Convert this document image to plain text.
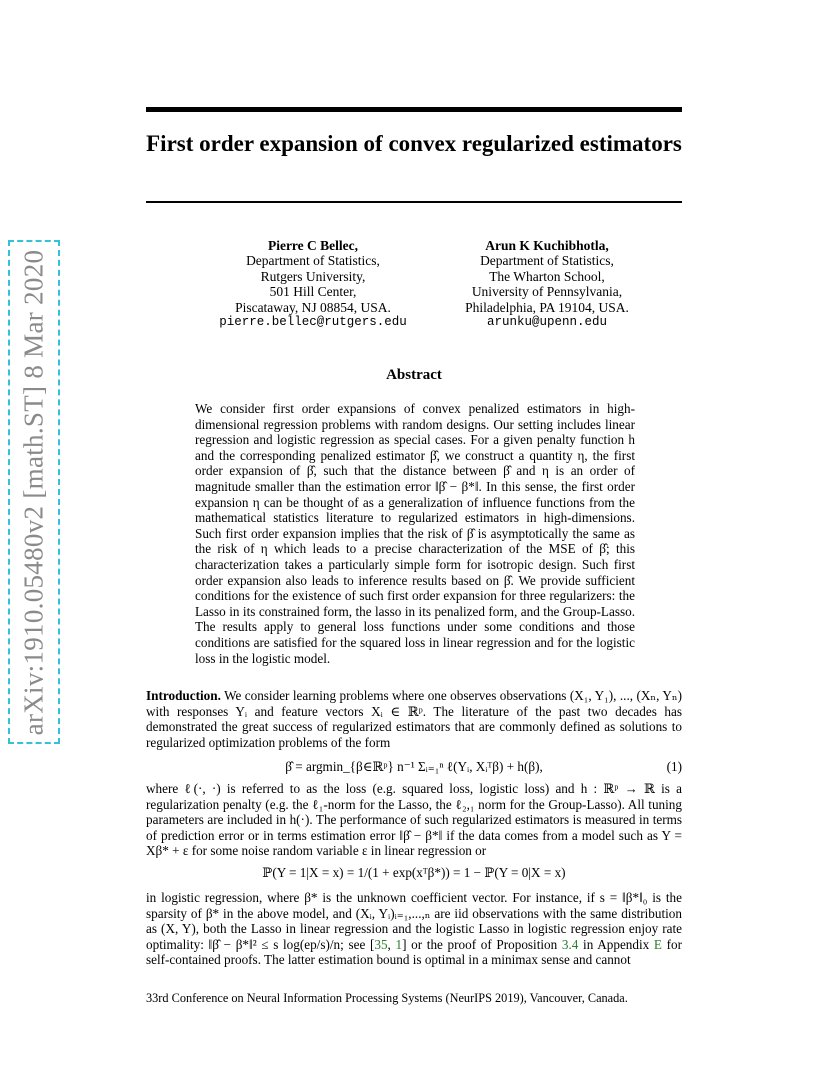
arXiv:1910.05480v2 [math.ST] 8 Mar 2020
First order expansion of convex regularized estimators
Pierre C Bellec,
Department of Statistics,
Rutgers University,
501 Hill Center,
Piscataway, NJ 08854, USA.
pierre.bellec@rutgers.edu
Arun K Kuchibhotla,
Department of Statistics,
The Wharton School,
University of Pennsylvania,
Philadelphia, PA 19104, USA.
arunku@upenn.edu
Abstract

We consider first order expansions of convex penalized estimators in high-dimensional regression problems with random designs. Our setting includes linear regression and logistic regression as special cases. For a given penalty function h and the corresponding penalized estimator β̂, we construct a quantity η, the first order expansion of β̂, such that the distance between β̂ and η is an order of magnitude smaller than the estimation error ‖β̂ − β*‖. In this sense, the first order expansion η can be thought of as a generalization of influence functions from the mathematical statistics literature to regularized estimators in high-dimensions. Such first order expansion implies that the risk of β̂ is asymptotically the same as the risk of η which leads to a precise characterization of the MSE of β̂; this characterization takes a particularly simple form for isotropic design. Such first order expansion also leads to inference results based on β̂. We provide sufficient conditions for the existence of such first order expansion for three regularizers: the Lasso in its constrained form, the lasso in its penalized form, and the Group-Lasso. The results apply to general loss functions under some conditions and those conditions are satisfied for the squared loss in linear regression and for the logistic loss in the logistic model.

Introduction. We consider learning problems where one observes observations (X₁, Y₁), ..., (Xₙ, Yₙ) with responses Yᵢ and feature vectors Xᵢ ∈ ℝᵖ. The literature of the past two decades has demonstrated the great success of regularized estimators that are commonly defined as solutions to regularized optimization problems of the form

β̂ = argmin_{β∈ℝᵖ} n⁻¹ Σᵢ₌₁ⁿ ℓ(Yᵢ, Xᵢᵀβ) + h(β),	(1)

where ℓ(·, ·) is referred to as the loss (e.g. squared loss, logistic loss) and h : ℝᵖ → ℝ is a regularization penalty (e.g. the ℓ₁-norm for the Lasso, the ℓ₂,₁ norm for the Group-Lasso). All tuning parameters are included in h(·). The performance of such regularized estimators is measured in terms of prediction error or in terms estimation error ‖β̂ − β*‖ if the data comes from a model such as Y = Xβ* + ε for some noise random variable ε in linear regression or

ℙ(Y = 1|X = x) = 1/(1 + exp(xᵀβ*)) = 1 − ℙ(Y = 0|X = x)

in logistic regression, where β* is the unknown coefficient vector. For instance, if s = ‖β*‖₀ is the sparsity of β* in the above model, and (Xᵢ, Yᵢ)ᵢ₌₁,...,ₙ are iid observations with the same distribution as (X, Y), both the Lasso in linear regression and the logistic Lasso in logistic regression enjoy rate optimality: ‖β̂ − β*‖² ≤ s log(ep/s)/n; see [35, 1] or the proof of Proposition 3.4 in Appendix E for self-contained proofs. The latter estimation bound is optimal in a minimax sense and cannot

33rd Conference on Neural Information Processing Systems (NeurIPS 2019), Vancouver, Canada.
